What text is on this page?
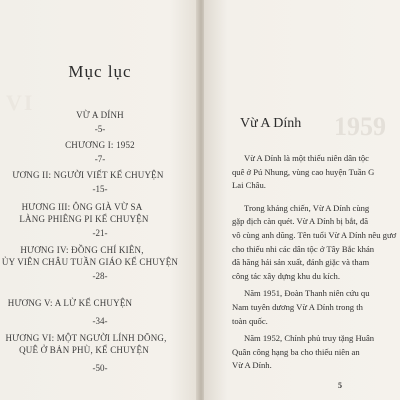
VI
Mục lục
VỪ A DÍNH
-5-
CHƯƠNG I: 1952
-7-
ƯƠNG II: NGƯỜI VIẾT KỂ CHUYỆN
-15-
HƯƠNG III: ÔNG GIÀ VỪ SA
LÀNG PHIÊNG PI KỂ CHUYỆN
-21-
HƯƠNG IV: ĐỒNG CHÍ KIÊN,
ỦY VIÊN CHÂU TUẦN GIÁO KỂ CHUYỆN
-28-
HƯƠNG V: A LỬ KỂ CHUYỆN
-34-
HƯƠNG VI: MỘT NGƯỜI LÍNH DÕNG,
QUÊ Ở BẢN PHÙ, KỂ CHUYỆN
-50-
1959
Vừ A Dính
Vừ A Dính là một thiếu niên dân tộc
quê ở Pú Nhung, vùng cao huyện Tuần G
Lai Châu.
Trong kháng chiến, Vừ A Dính cùng
gặp địch càn quét. Vừ A Dính bị bắt, đã
vô cùng anh dũng. Tên tuổi Vừ A Dính nêu gươ
cho thiếu nhi các dân tộc ở Tây Bắc khán
đã hăng hái sản xuất, đánh giặc và tham
công tác xây dựng khu du kích.
Năm 1951, Đoàn Thanh niên cứu qu
Nam tuyên dương Vừ A Dính trong th
toàn quốc.
Năm 1952, Chính phủ truy tặng Huân
Quân công hạng ba cho thiếu niên an
Vừ A Dính.
5
